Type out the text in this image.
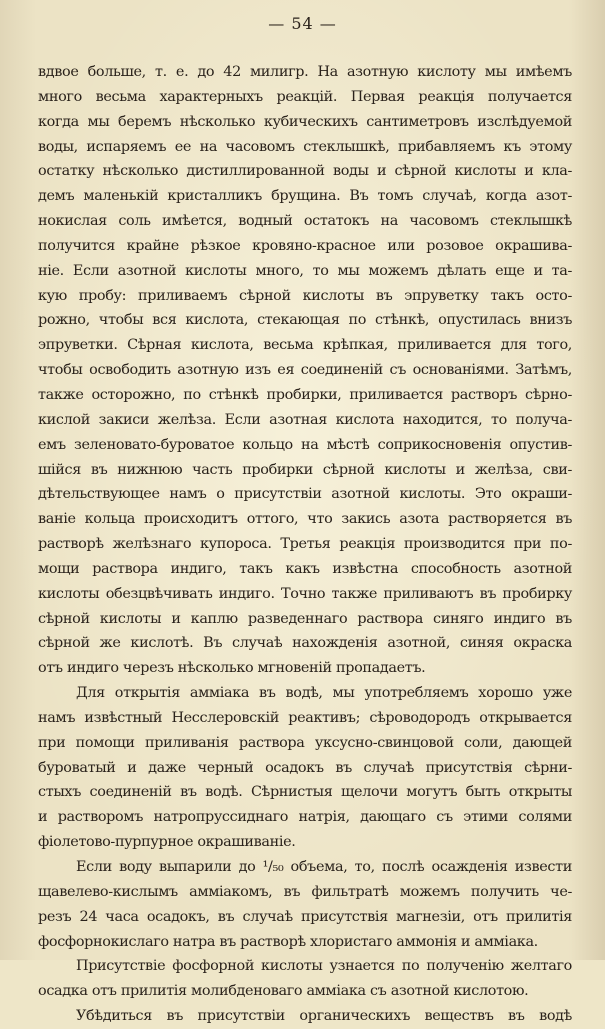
— 54 —
вдвое больше, т. е. до 42 милигр. На азотную кислоту мы имѣемъ
много весьма характерныхъ реакцій. Первая реакція получается
когда мы беремъ нѣсколько кубическихъ сантиметровъ изслѣдуемой
воды, испаряемъ ее на часовомъ стеклышкѣ, прибавляемъ къ этому
остатку нѣсколько дистиллированной воды и сѣрной кислоты и кла-
демъ маленькій кристалликъ брущина. Въ томъ случаѣ, когда азот-
нокислая соль имѣется, водный остатокъ на часовомъ стеклышкѣ
получится крайне рѣзкое кровяно-красное или розовое окрашива-
ніе. Если азотной кислоты много, то мы можемъ дѣлать еще и та-
кую пробу: приливаемъ сѣрной кислоты въ эпруветку такъ осто-
рожно, чтобы вся кислота, стекающая по стѣнкѣ, опустилась внизъ
эпруветки. Сѣрная кислота, весьма крѣпкая, приливается для того,
чтобы освободить азотную изъ ея соединеній съ основаніями. Затѣмъ,
также осторожно, по стѣнкѣ пробирки, приливается растворъ сѣрно-
кислой закиси желѣза. Если азотная кислота находится, то получа-
емъ зеленовато-буроватое кольцо на мѣстѣ соприкосновенія опустив-
шійся въ нижнюю часть пробирки сѣрной кислоты и желѣза, сви-
дѣтельствующее намъ о присутствіи азотной кислоты. Это окраши-
ваніе кольца происходитъ оттого, что закись азота растворяется въ
растворѣ желѣзнаго купороса. Третья реакція производится при по-
мощи раствора индиго, такъ какъ извѣстна способность азотной
кислоты обезцвѣчивать индиго. Точно также приливаютъ въ пробирку
сѣрной кислоты и каплю разведеннаго раствора синяго индиго въ
сѣрной же кислотѣ. Въ случаѣ нахожденія азотной, синяя окраска
отъ индиго черезъ нѣсколько мгновеній пропадаетъ.
Для открытія аммiака въ водѣ, мы употребляемъ хорошо уже
намъ извѣстный Несслеровскій реактивъ; сѣроводородъ открывается
при помощи приливанія раствора уксусно-свинцовой соли, дающей
буроватый и даже черный осадокъ въ случаѣ присутствія сѣрни-
стыхъ соединеній въ водѣ. Сѣрнистыя щелочи могутъ быть открыты
и растворомъ натропруссиднаго натрія, дающаго съ этими солями
фіолетово-пурпурное окрашиваніе.
Если воду выпарили до ¹/₅₀ объема, то, послѣ осажденія извести
щавелево-кислымъ аммiакомъ, въ фильтратѣ можемъ получить че-
резъ 24 часа осадокъ, въ случаѣ присутствія магнезіи, отъ прилитія
фосфорнокислаго натра въ растворѣ хлористаго аммонія и аммiака.
Присутствіе фосфорной кислоты узнается по полученію желтаго
осадка отъ прилитія молибденоваго аммiака съ азотной кислотою.
Убѣдиться въ присутствіи органическихъ веществъ въ водѣ
